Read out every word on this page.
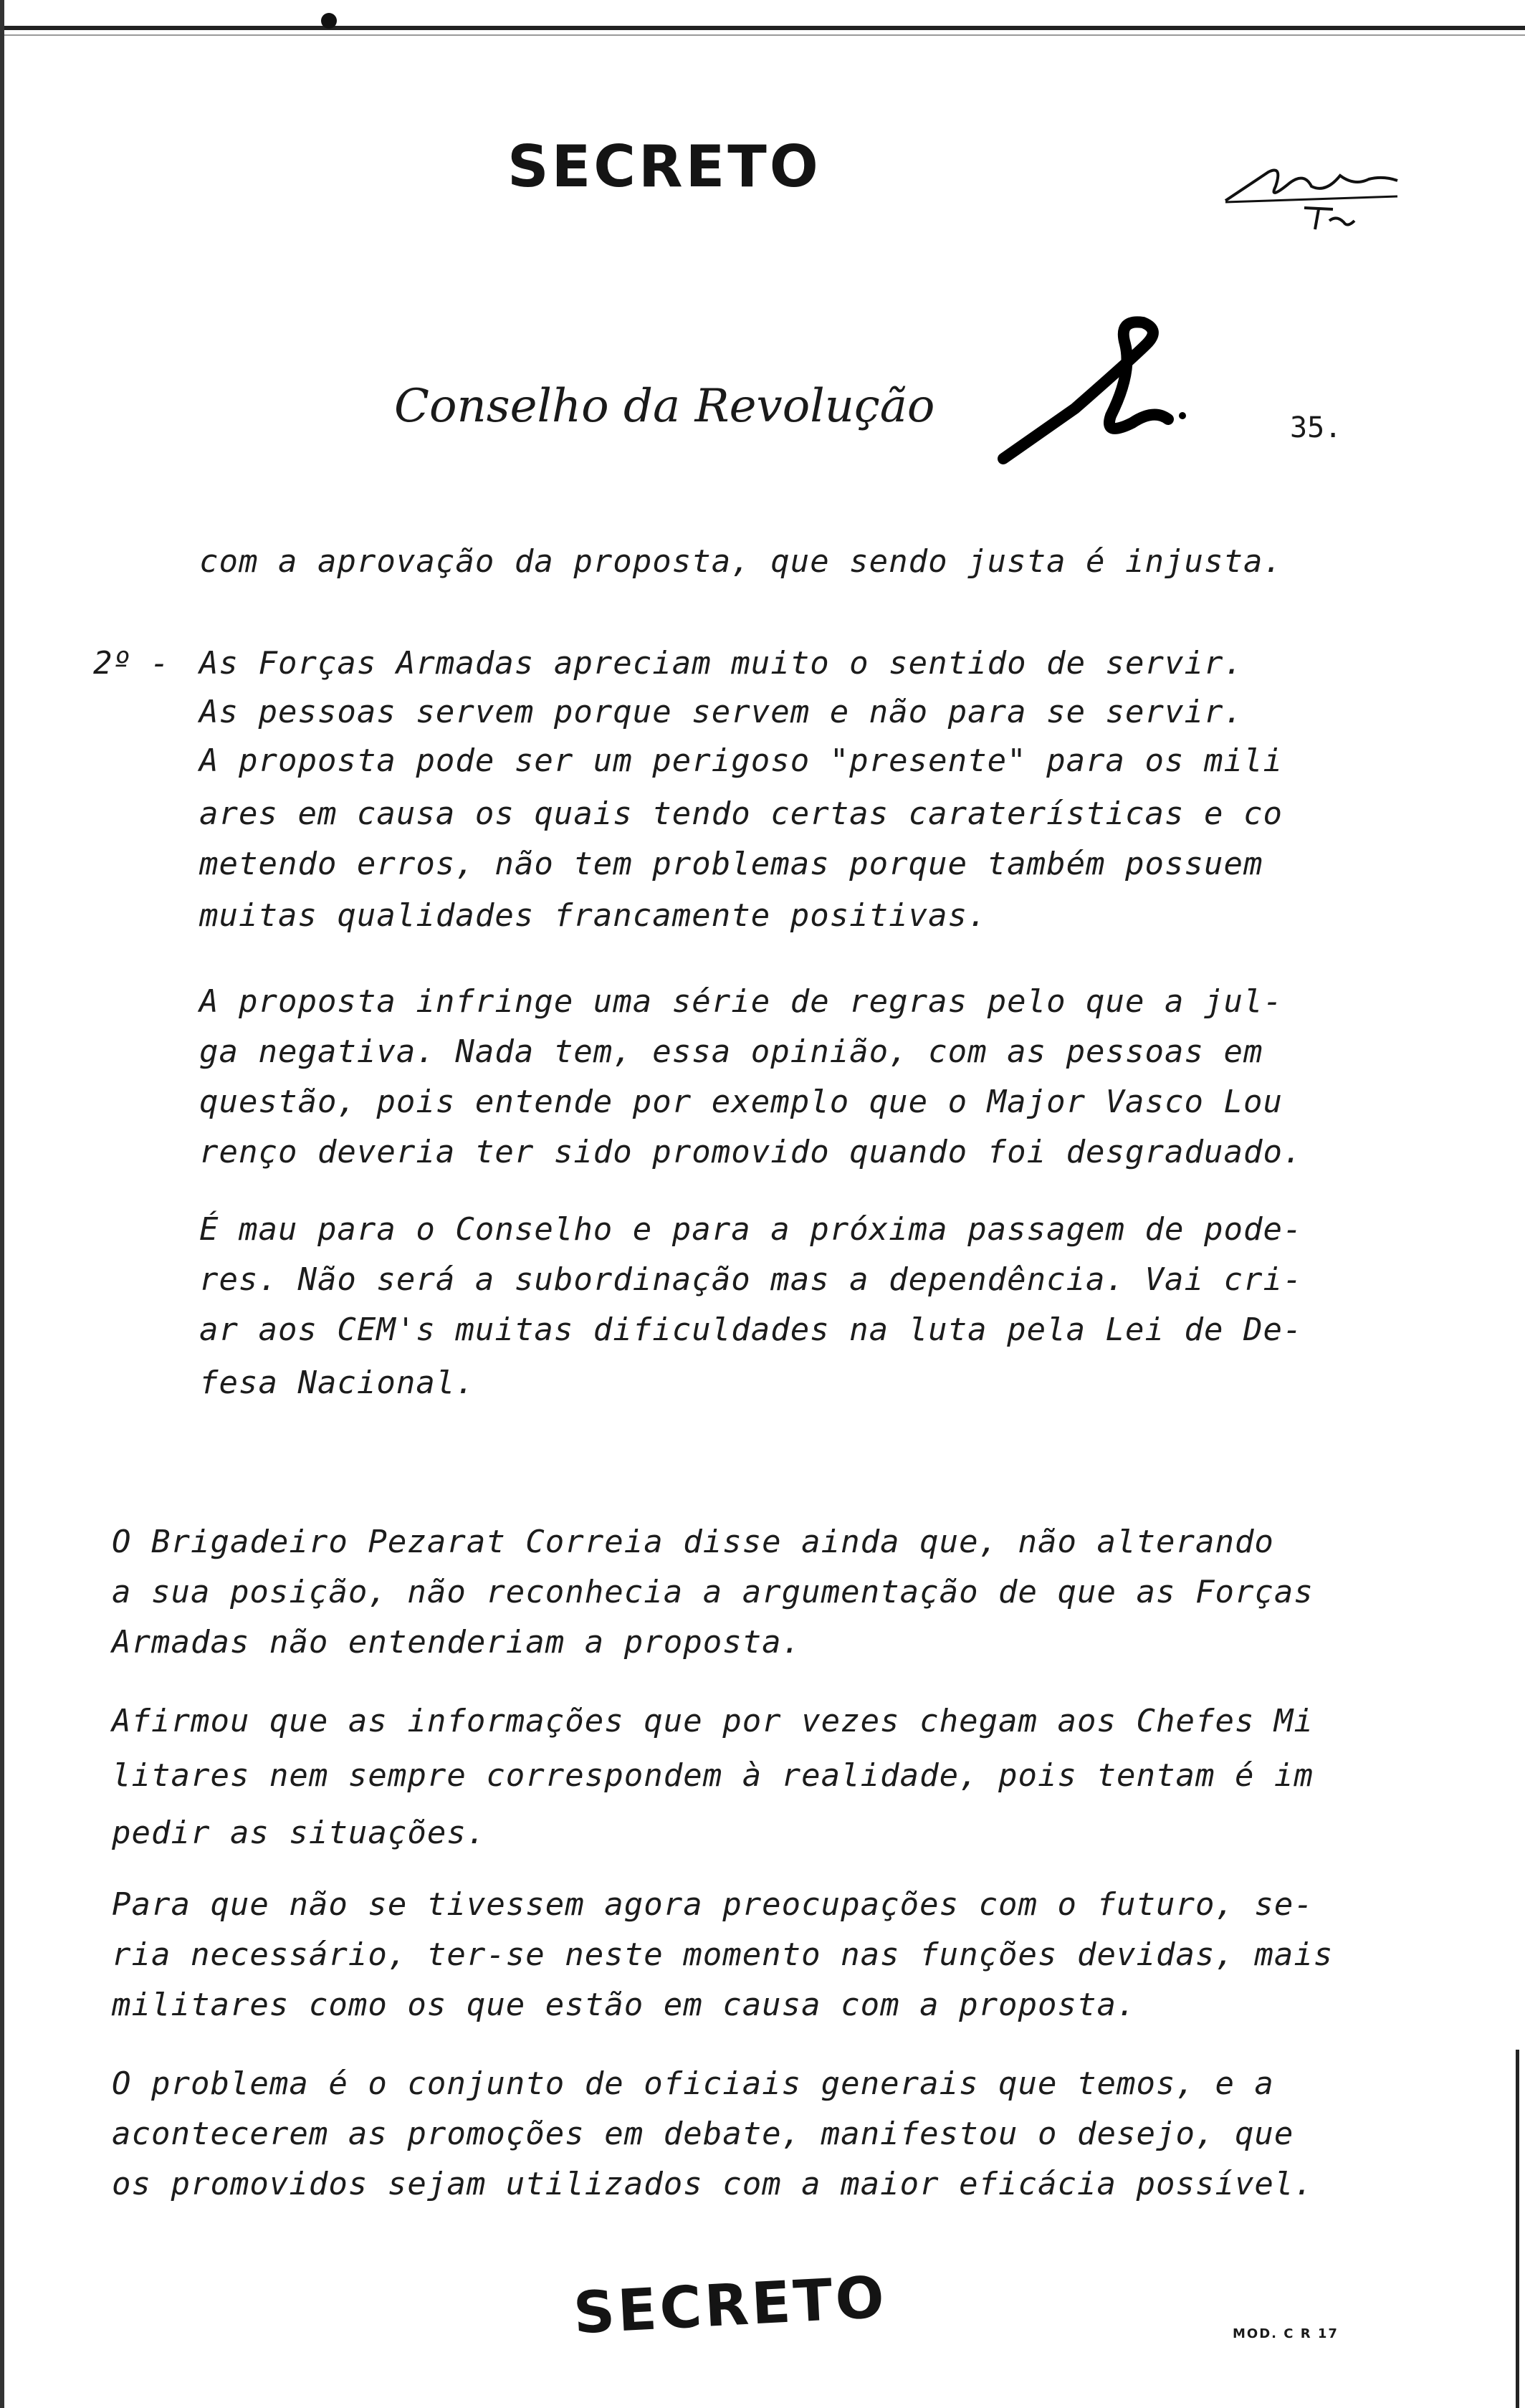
SECRETO
Conselho da Revolução	35.
com a aprovação da proposta, que sendo justa é injusta.
2º - As Forças Armadas apreciam muito o sentido de servir.
As pessoas servem porque servem e não para se servir.
A proposta pode ser um perigoso "presente" para os mili
ares em causa os quais tendo certas caraterísticas e co
metendo erros, não tem problemas porque também possuem
muitas qualidades francamente positivas.
A proposta infringe uma série de regras pelo que a jul-
ga negativa. Nada tem, essa opinião, com as pessoas em
questão, pois entende por exemplo que o Major Vasco Lou
renço deveria ter sido promovido quando foi desgraduado.
É mau para o Conselho e para a próxima passagem de pode-
res. Não será a subordinação mas a dependência. Vai cri-
ar aos CEM's muitas dificuldades na luta pela Lei de De-
fesa Nacional.
O Brigadeiro Pezarat Correia disse ainda que, não alterando
a sua posição, não reconhecia a argumentação de que as Forças
Armadas não entenderiam a proposta.
Afirmou que as informações que por vezes chegam aos Chefes Mi
litares nem sempre correspondem à realidade, pois tentam é im
pedir as situações.
Para que não se tivessem agora preocupações com o futuro, se-
ria necessário, ter-se neste momento nas funções devidas, mais
militares como os que estão em causa com a proposta.
O problema é o conjunto de oficiais generais que temos, e a
acontecerem as promoções em debate, manifestou o desejo, que
os promovidos sejam utilizados com a maior eficácia possível.
SECRETO	MOD. C R 17
